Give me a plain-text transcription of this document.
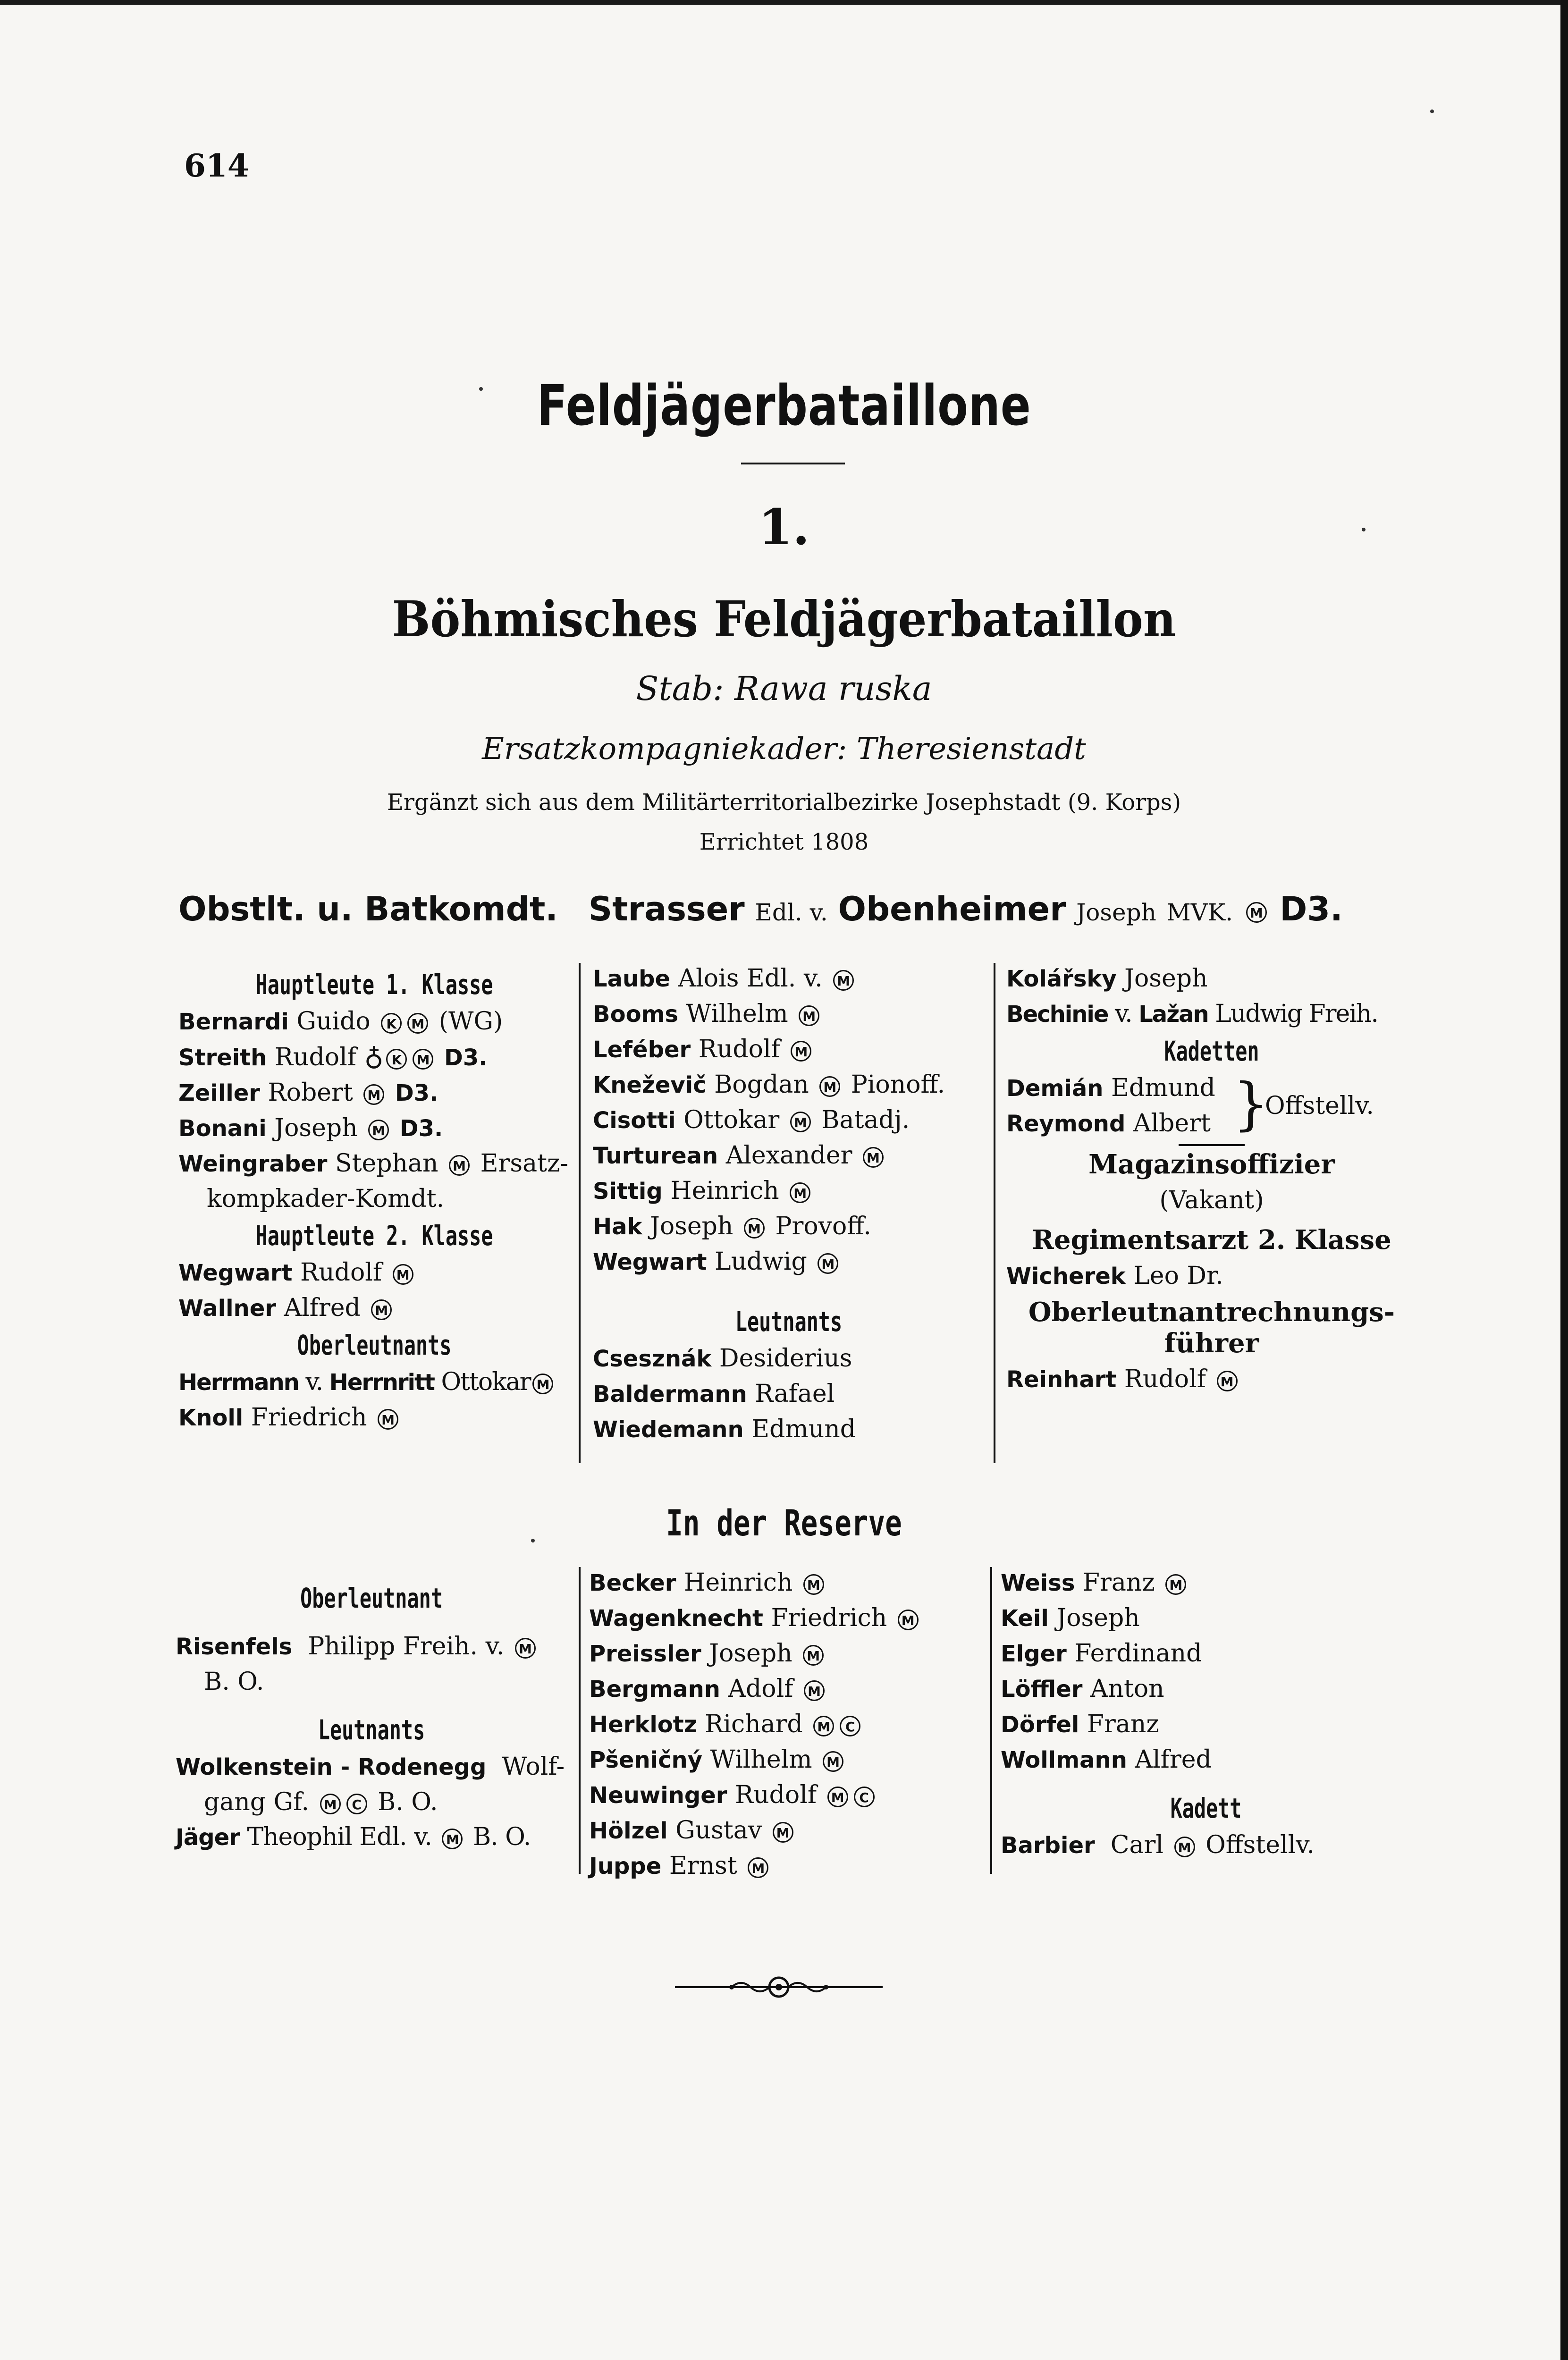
614
Feldjägerbataillone
1.
Böhmisches Feldjägerbataillon
Stab: Rawa ruska
Ersatzkompagniekader: Theresienstadt
Ergänzt sich aus dem Militärterritorialbezirke Josephstadt (9. Korps)
Errichtet 1808
Obstlt. u. Batkomdt. Strasser Edl. v. Obenheimer Joseph MVK. M D3.
Hauptleute 1. Klasse
Bernardi Guido K M (WG)
Streith Rudolf ♁ K M D3.
Zeiller Robert M D3.
Bonani Joseph M D3.
Weingraber Stephan M Ersatz-
kompkader-Komdt.
Hauptleute 2. Klasse
Wegwart Rudolf M
Wallner Alfred M
Oberleutnants
Herrmann v. Herrnritt Ottokar M
Knoll Friedrich M
Laube Alois Edl. v. M
Booms Wilhelm M
Leféber Rudolf M
Kneževič Bogdan M Pionoff.
Cisotti Ottokar M Batadj.
Turturean Alexander M
Sittig Heinrich M
Hak Joseph M Provoff.
Wegwart Ludwig M
Leutnants
Csesznák Desiderius
Baldermann Rafael
Wiedemann Edmund
Kolářsky Joseph
Bechinie v. Lažan Ludwig Freih.
Kadetten
Demián Edmund
Reymond Albert }
Offstellv.
Magazinsoffizier
(Vakant)
Regimentsarzt 2. Klasse
Wicherek Leo Dr.
Oberleutnantrechnungs-
führer
Reinhart Rudolf M
In der Reserve
Oberleutnant
Risenfels Philipp Freih. v. M
B. O.
Leutnants
Wolkenstein - Rodenegg Wolf-
gang Gf. M C B. O.
Jäger Theophil Edl. v. M B. O.
Becker Heinrich M
Wagenknecht Friedrich M
Preissler Joseph M
Bergmann Adolf M
Herklotz Richard M C
Pšeničný Wilhelm M
Neuwinger Rudolf M C
Hölzel Gustav M
Juppe Ernst M
Weiss Franz M
Keil Joseph
Elger Ferdinand
Löffler Anton
Dörfel Franz
Wollmann Alfred
Kadett
Barbier Carl M Offstellv.
